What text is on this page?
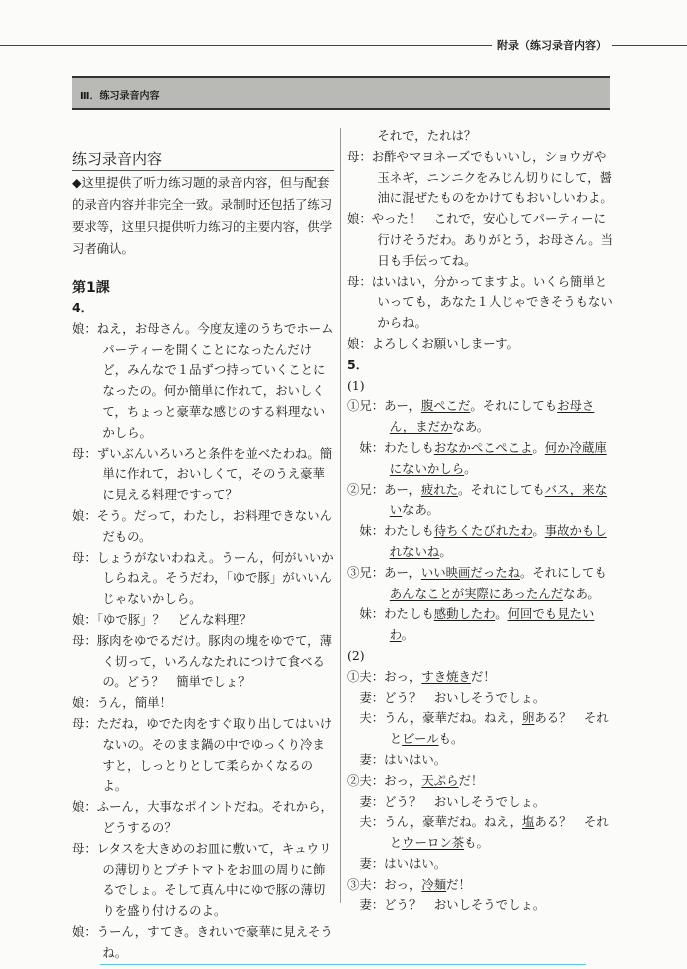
附录（练习录音内容）
Ⅲ．练习录音内容
练习录音内容
◆这里提供了听力练习题的录音内容，但与配套的录音内容并非完全一致。录制时还包括了练习要求等，这里只提供听力练习的主要内容，供学习者确认。
第1課
4．
娘：ねえ，お母さん。今度友達のうちでホームパーティーを開くことになったんだけど，みんなで１品ずつ持っていくことになったの。何か簡単に作れて，おいしくて，ちょっと豪華な感じのする料理ないかしら。
母：ずいぶんいろいろと条件を並べたわね。簡単に作れて，おいしくて，そのうえ豪華に見える料理ですって？
娘：そう。だって，わたし，お料理できないんだもの。
母：しょうがないわねえ。うーん，何がいいかしらねえ。そうだわ，「ゆで豚」がいいんじゃないかしら。
娘：「ゆで豚」？　どんな料理？
母：豚肉をゆでるだけ。豚肉の塊をゆでて，薄く切って，いろんなたれにつけて食べるの。どう？　簡単でしょ？
娘：うん，簡単！
母：ただね，ゆでた肉をすぐ取り出してはいけないの。そのまま鍋の中でゆっくり冷ますと，しっとりとして柔らかくなるのよ。
娘：ふーん，大事なポイントだね。それから，どうするの？
母：レタスを大きめのお皿に敷いて，キュウリの薄切りとプチトマトをお皿の周りに飾るでしょ。そして真ん中にゆで豚の薄切りを盛り付けるのよ。
娘：うーん，すてき。きれいで豪華に見えそうね。
それで，たれは？
母：お酢やマヨネーズでもいいし，ショウガや玉ネギ，ニンニクをみじん切りにして，醤油に混ぜたものをかけてもおいしいわよ。
娘：やった！　これで，安心してパーティーに行けそうだわ。ありがとう，お母さん。当日も手伝ってね。
母：はいはい，分かってますよ。いくら簡単といっても，あなた１人じゃできそうもないからね。
娘：よろしくお願いしまーす。
5．
(1)
①兄：あー，腹ぺこだ。それにしてもお母さん，まだかなあ。
妹：わたしもおなかぺこぺこよ。何か冷蔵庫にないかしら。
②兄：あー，疲れた。それにしてもバス，来ないなあ。
妹：わたしも待ちくたびれたわ。事故かもしれないね。
③兄：あー，いい映画だったね。それにしてもあんなことが実際にあったんだなあ。
妹：わたしも感動したわ。何回でも見たいわ。
(2)
①夫：おっ，すき焼きだ！
妻：どう？　おいしそうでしょ。
夫：うん，豪華だね。ねえ，卵ある？　それとビールも。
妻：はいはい。
②夫：おっ，天ぷらだ！
妻：どう？　おいしそうでしょ。
夫：うん，豪華だね。ねえ，塩ある？　それとウーロン茶も。
妻：はいはい。
③夫：おっ，冷麺だ！
妻：どう？　おいしそうでしょ。
